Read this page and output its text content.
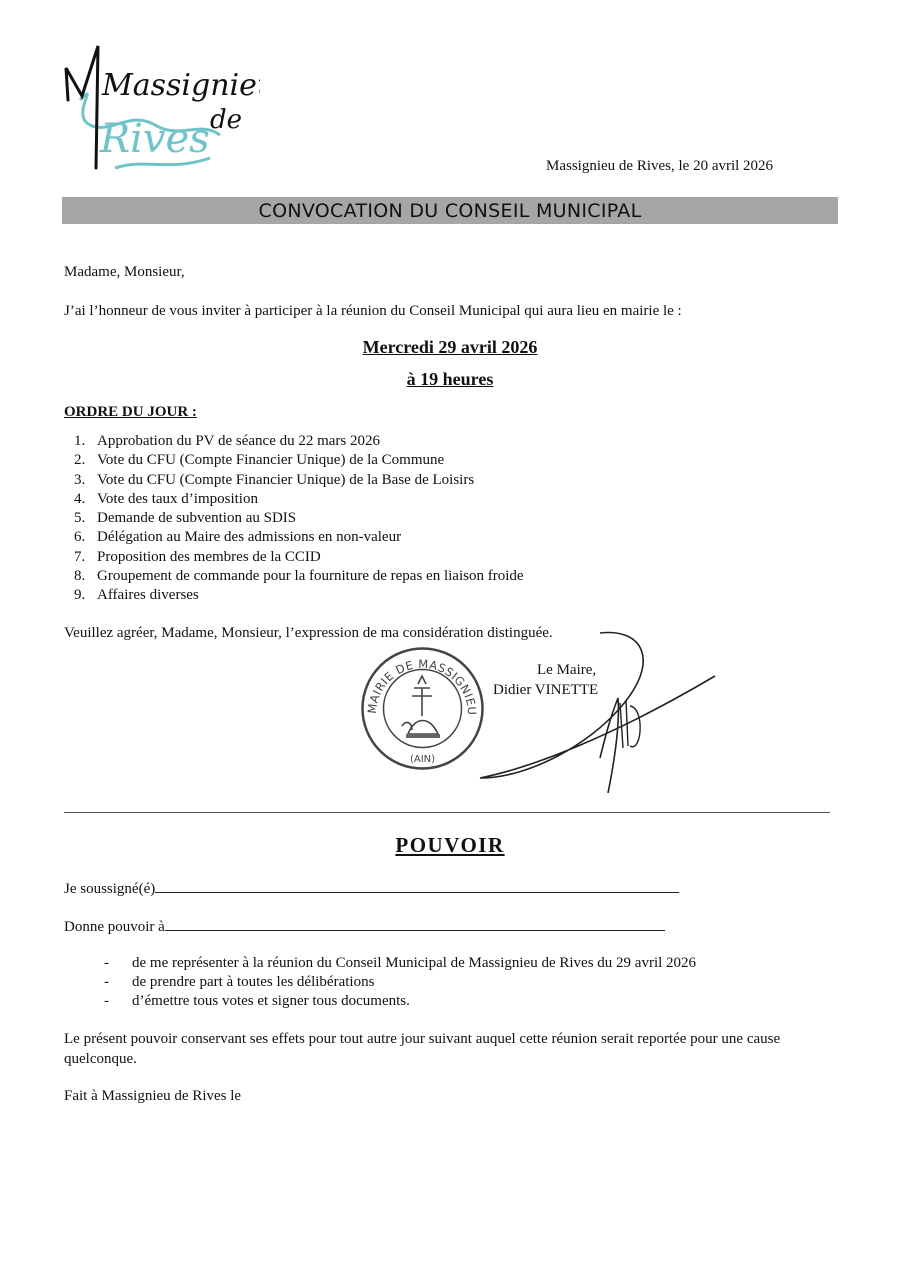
Massignieu
de
Rives
Massignieu de Rives, le 20 avril 2026
CONVOCATION DU CONSEIL MUNICIPAL
Madame, Monsieur,
J’ai l’honneur de vous inviter à participer à la réunion du Conseil Municipal qui aura lieu en mairie le :
Mercredi 29 avril 2026
à 19 heures
ORDRE DU JOUR :
1. Approbation du PV de séance du 22 mars 2026
2. Vote du CFU (Compte Financier Unique) de la Commune
3. Vote du CFU (Compte Financier Unique) de la Base de Loisirs
4. Vote des taux d’imposition
5. Demande de subvention au SDIS
6. Délégation au Maire des admissions en non-valeur
7. Proposition des membres de la CCID
8. Groupement de commande pour la fourniture de repas en liaison froide
9. Affaires diverses
Veuillez agréer, Madame, Monsieur, l’expression de ma considération distinguée.
MAIRIE DE MASSIGNIEU
(AIN)
Le Maire,
Didier VINETTE
POUVOIR
Je soussigné(é)
Donne pouvoir à
- de me représenter à la réunion du Conseil Municipal de Massignieu de Rives du 29 avril 2026
- de prendre part à toutes les délibérations
- d’émettre tous votes et signer tous documents.
Le présent pouvoir conservant ses effets pour tout autre jour suivant auquel cette réunion serait reportée pour une cause quelconque.
Fait à Massignieu de Rives le
